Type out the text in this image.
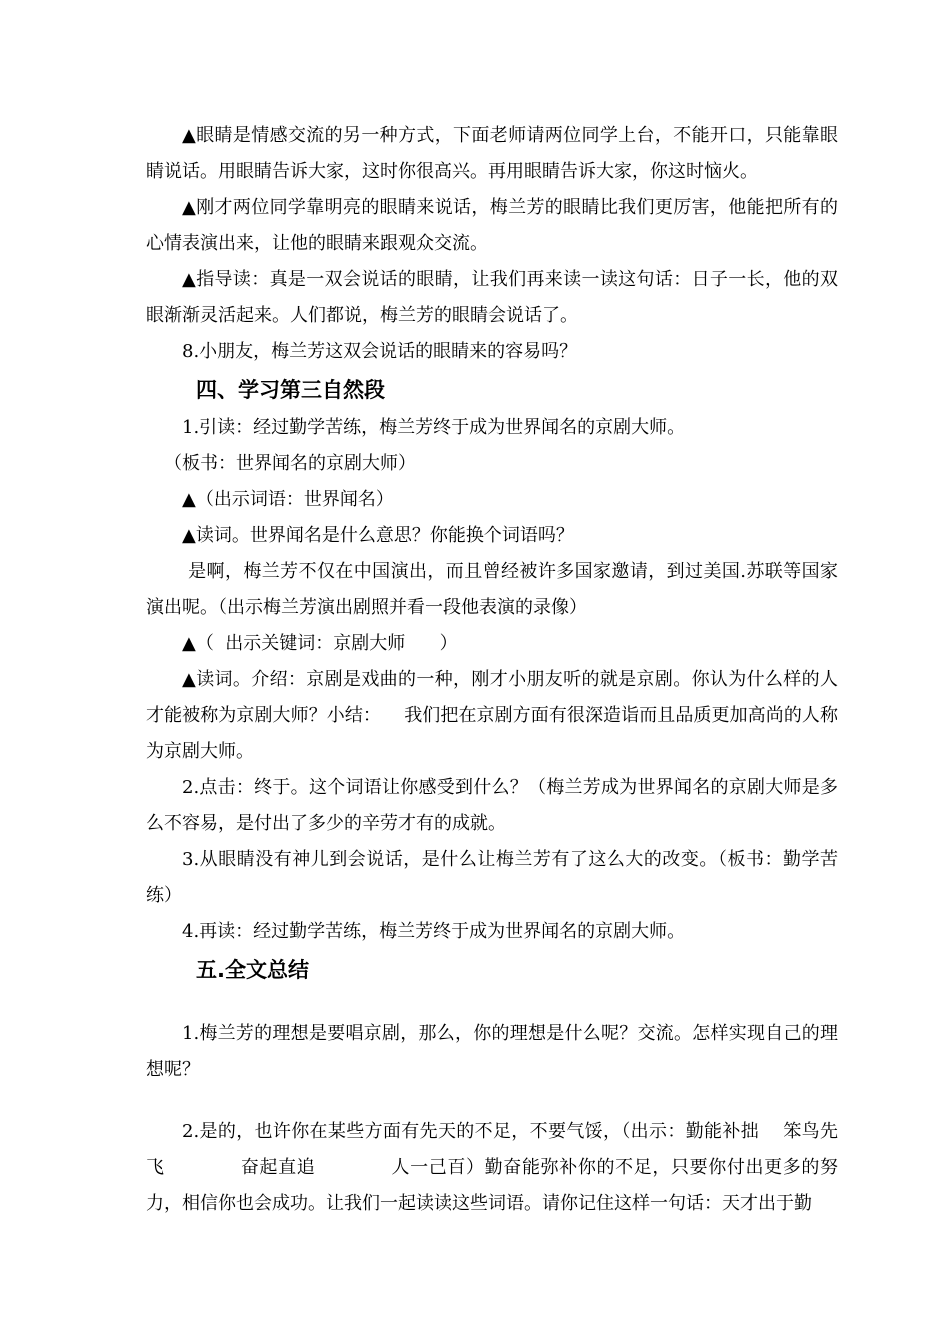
▲眼睛是情感交流的另一种方式，下面老师请两位同学上台，不能开口，只能靠眼睛说话。用眼睛告诉大家，这时你很高兴。再用眼睛告诉大家，你这时恼火。

▲刚才两位同学靠明亮的眼睛来说话，梅兰芳的眼睛比我们更厉害，他能把所有的心情表演出来，让他的眼睛来跟观众交流。

▲指导读：真是一双会说话的眼睛，让我们再来读一读这句话：日子一长，他的双眼渐渐灵活起来。人们都说，梅兰芳的眼睛会说话了。

8.小朋友，梅兰芳这双会说话的眼睛来的容易吗？

四、学习第三自然段

1.引读：经过勤学苦练，梅兰芳终于成为世界闻名的京剧大师。

（板书：世界闻名的京剧大师）

▲（出示词语：世界闻名）

▲读词。世界闻名是什么意思？你能换个词语吗？

是啊，梅兰芳不仅在中国演出，而且曾经被许多国家邀请，到过美国.苏联等国家演出呢。（出示梅兰芳演出剧照并看一段他表演的录像）

▲（  出示关键词：京剧大师      ）

▲读词。介绍：京剧是戏曲的一种，刚才小朋友听的就是京剧。你认为什么样的人才能被称为京剧大师？小结：    我们把在京剧方面有很深造诣而且品质更加高尚的人称为京剧大师。

2.点击：终于。这个词语让你感受到什么？（梅兰芳成为世界闻名的京剧大师是多么不容易，是付出了多少的辛劳才有的成就。

3.从眼睛没有神儿到会说话，是什么让梅兰芳有了这么大的改变。（板书：勤学苦练）

4.再读：经过勤学苦练，梅兰芳终于成为世界闻名的京剧大师。

五.全文总结

1.梅兰芳的理想是要唱京剧，那么，你的理想是什么呢？交流。怎样实现自己的理想呢？

2.是的，也许你在某些方面有先天的不足，不要气馁，（出示：勤能补拙    笨鸟先飞            奋起直追            人一己百）勤奋能弥补你的不足，只要你付出更多的努力，相信你也会成功。让我们一起读读这些词语。请你记住这样一句话：天才出于勤
